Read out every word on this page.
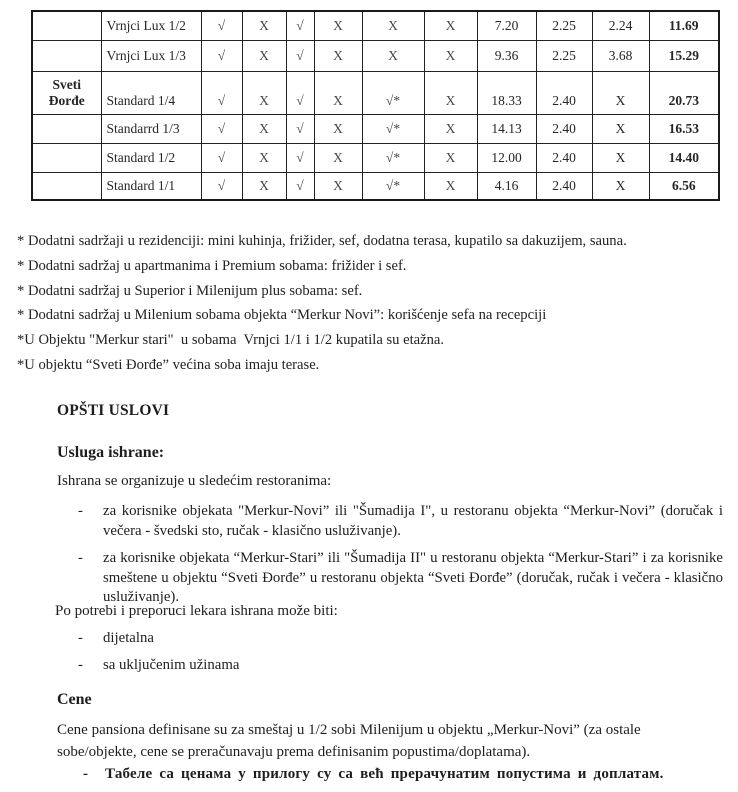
	Vrnjci Lux 1/2	√	X	√	X	X	X	7.20	2.25	2.24	11.69
	Vrnjci Lux 1/3	√	X	√	X	X	X	9.36	2.25	3.68	15.29
Sveti Đorđe	Standard 1/4	√	X	√	X	√*	X	18.33	2.40	X	20.73
	Standarrd 1/3	√	X	√	X	√*	X	14.13	2.40	X	16.53
	Standard 1/2	√	X	√	X	√*	X	12.00	2.40	X	14.40
	Standard 1/1	√	X	√	X	√*	X	4.16	2.40	X	6.56
* Dodatni sadržaji u rezidenciji: mini kuhinja, frižider, sef, dodatna terasa, kupatilo sa dakuzijem, sauna.
* Dodatni sadržaj u apartmanima i Premium sobama: frižider i sef.
* Dodatni sadržaj u Superior i Milenijum plus sobama: sef.
* Dodatni sadržaj u Milenium sobama objekta “Merkur Novi”: korišćenje sefa na recepciji
*U Objektu "Merkur stari"  u sobama  Vrnjci 1/1 i 1/2 kupatila su etažna.
*U objektu “Sveti Đorđe” većina soba imaju terase.
OPŠTI USLOVI
Usluga ishrane:
Ishrana se organizuje u sledećim restoranima:
-	za korisnike objekata "Merkur-Novi” ili "Šumadija I", u restoranu objekta “Merkur-Novi” (doručak i večera - švedski sto, ručak - klasično usluživanje).
-	za korisnike objekata “Merkur-Stari” ili "Šumadija II" u restoranu objekta “Merkur-Stari” i za korisnike smeštene u objektu “Sveti Đorđe” u restoranu objekta “Sveti Đorđe” (doručak, ručak i večera - klasično usluživanje).
Po potrebi i preporuci lekara ishrana može biti:
-	dijetalna
-	sa uključenim užinama
Cene
Cene pansiona definisane su za smeštaj u 1/2 sobi Milenijum u objektu „Merkur-Novi” (za ostale sobe/objekte, cene se preračunavaju prema definisanim popustima/doplatama).
-	Табеле са ценама у прилогу су са већ прерачунатим попустима и доплатам.
